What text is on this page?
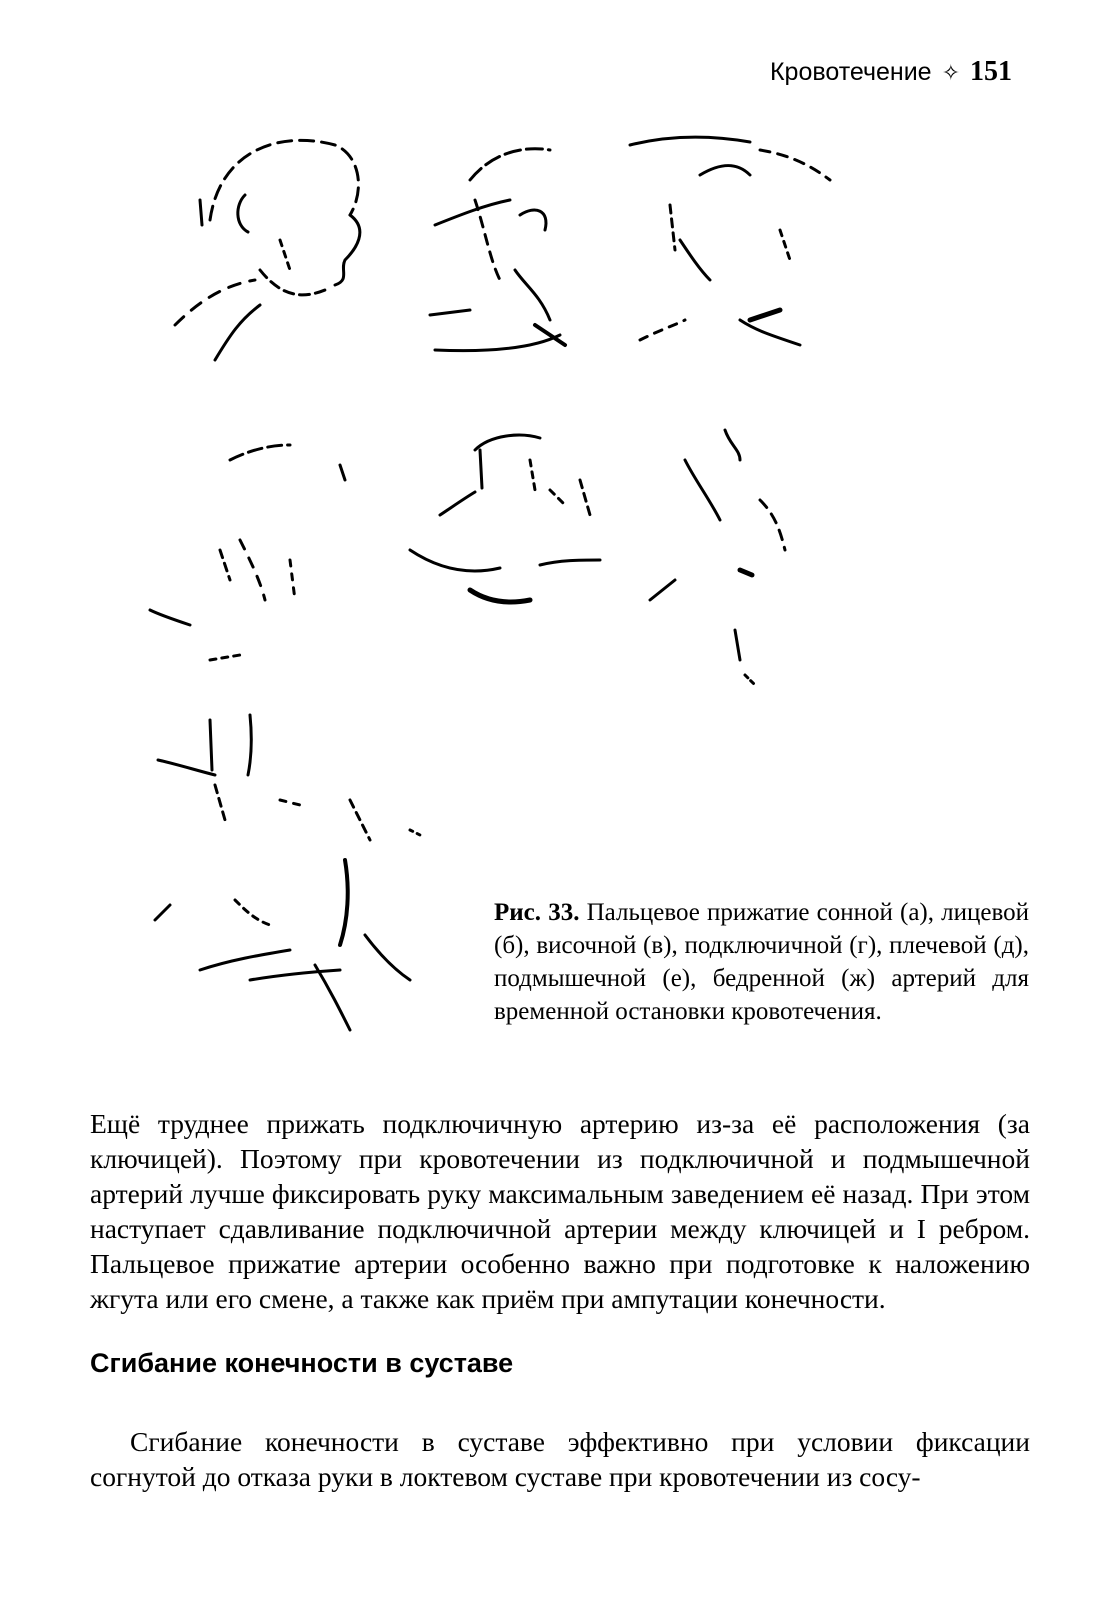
Кровотечение ✧ 151
Рис. 33. Пальцевое прижатие сонной (а), лицевой (б), височной (в), подключичной (г), плечевой (д), подмышечной (е), бедренной (ж) артерий для временной остановки кровотечения.

Ещё труднее прижать подключичную артерию из-за её расположения (за ключицей). Поэтому при кровотечении из подключичной и подмышечной артерий лучше фиксировать руку максимальным заведением её назад. При этом наступает сдавливание подключичной артерии между ключицей и I ребром. Пальцевое прижатие артерии особенно важно при подготовке к наложению жгута или его смене, а также как приём при ампутации конечности.

Сгибание конечности в суставе

Сгибание конечности в суставе эффективно при условии фиксации согнутой до отказа руки в локтевом суставе при кровотечении из сосу-
